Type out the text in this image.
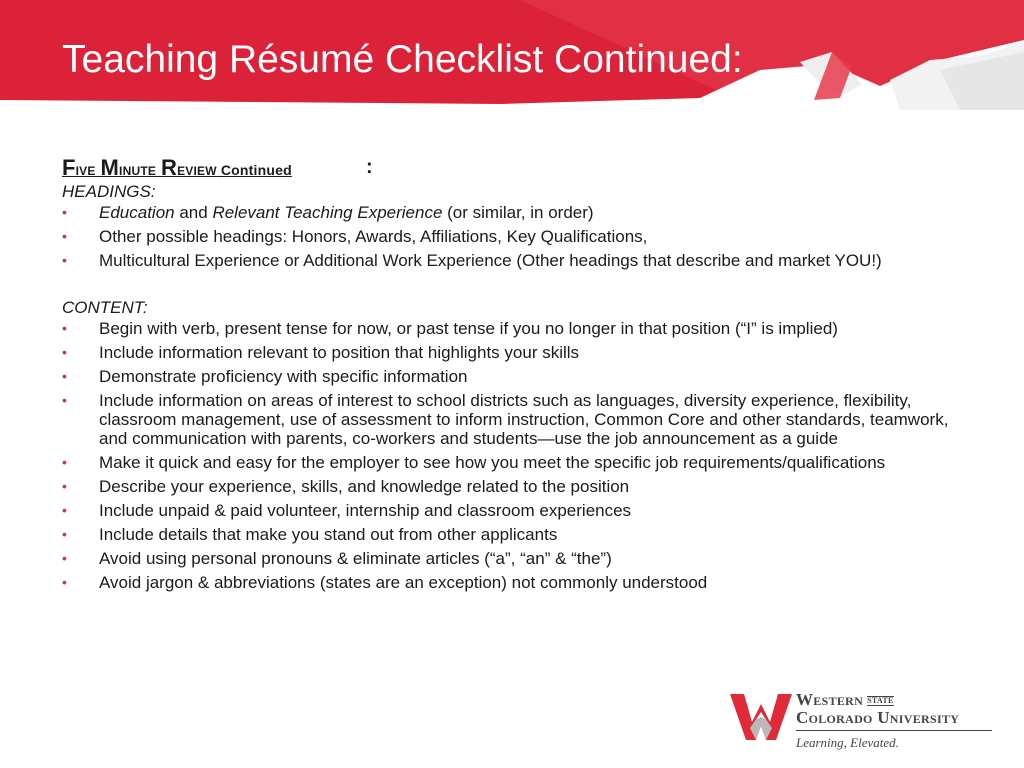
Teaching Résumé Checklist Continued:
Five Minute Review Continued	:
HEADINGS:
• Education and Relevant Teaching Experience (or similar, in order)
• Other possible headings: Honors, Awards, Affiliations, Key Qualifications,
• Multicultural Experience or Additional Work Experience (Other headings that describe and market YOU!)
CONTENT:
• Begin with verb, present tense for now, or past tense if you no longer in that position (“I” is implied)
• Include information relevant to position that highlights your skills
• Demonstrate proficiency with specific information
• Include information on areas of interest to school districts such as languages, diversity experience, flexibility, classroom management, use of assessment to inform instruction, Common Core and other standards, teamwork, and communication with parents, co-workers and students—use the job announcement as a guide
• Make it quick and easy for the employer to see how you meet the specific job requirements/qualifications
• Describe your experience, skills, and knowledge related to the position
• Include unpaid & paid volunteer, internship and classroom experiences
• Include details that make you stand out from other applicants
• Avoid using personal pronouns & eliminate articles (“a”, “an” & “the”)
• Avoid jargon & abbreviations (states are an exception) not commonly understood
Western STATE
Colorado University
Learning, Elevated.
